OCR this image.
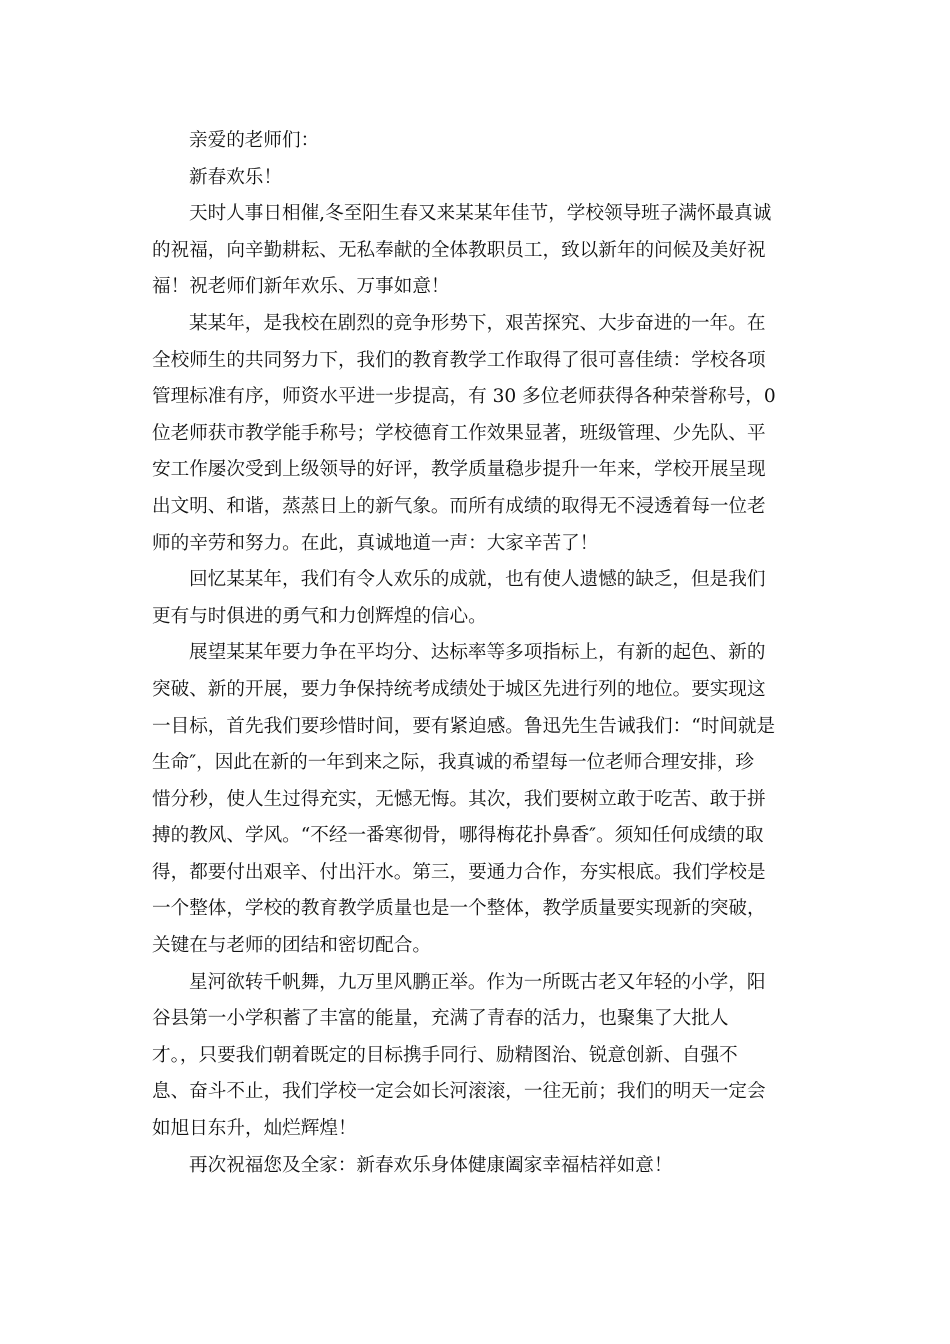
亲爱的老师们：
新春欢乐！
天时人事日相催,冬至阳生春又来某某年佳节，学校领导班子满怀最真诚
的祝福，向辛勤耕耘、无私奉献的全体教职员工，致以新年的问候及美好祝
福！祝老师们新年欢乐、万事如意！
某某年，是我校在剧烈的竞争形势下，艰苦探究、大步奋进的一年。在
全校师生的共同努力下，我们的教育教学工作取得了很可喜佳绩：学校各项
管理标准有序，师资水平进一步提高，有 30 多位老师获得各种荣誉称号，0
位老师获市教学能手称号；学校德育工作效果显著，班级管理、少先队、平
安工作屡次受到上级领导的好评，教学质量稳步提升一年来，学校开展呈现
出文明、和谐，蒸蒸日上的新气象。而所有成绩的取得无不浸透着每一位老
师的辛劳和努力。在此，真诚地道一声：大家辛苦了！
回忆某某年，我们有令人欢乐的成就，也有使人遗憾的缺乏，但是我们
更有与时俱进的勇气和力创辉煌的信心。
展望某某年要力争在平均分、达标率等多项指标上，有新的起色、新的
突破、新的开展，要力争保持统考成绩处于城区先进行列的地位。要实现这
一目标，首先我们要珍惜时间，要有紧迫感。鲁迅先生告诫我们：“时间就是
生命″，因此在新的一年到来之际，我真诚的希望每一位老师合理安排，珍
惜分秒，使人生过得充实，无憾无悔。其次，我们要树立敢于吃苦、敢于拼
搏的教风、学风。“不经一番寒彻骨，哪得梅花扑鼻香″。须知任何成绩的取
得，都要付出艰辛、付出汗水。第三，要通力合作，夯实根底。我们学校是
一个整体，学校的教育教学质量也是一个整体，教学质量要实现新的突破，
关键在与老师的团结和密切配合。
星河欲转千帆舞，九万里风鹏正举。作为一所既古老又年轻的小学，阳
谷县第一小学积蓄了丰富的能量，充满了青春的活力，也聚集了大批人
才。，只要我们朝着既定的目标携手同行、励精图治、锐意创新、自强不
息、奋斗不止，我们学校一定会如长河滚滚，一往无前；我们的明天一定会
如旭日东升，灿烂辉煌！
再次祝福您及全家：新春欢乐身体健康阖家幸福桔祥如意！
